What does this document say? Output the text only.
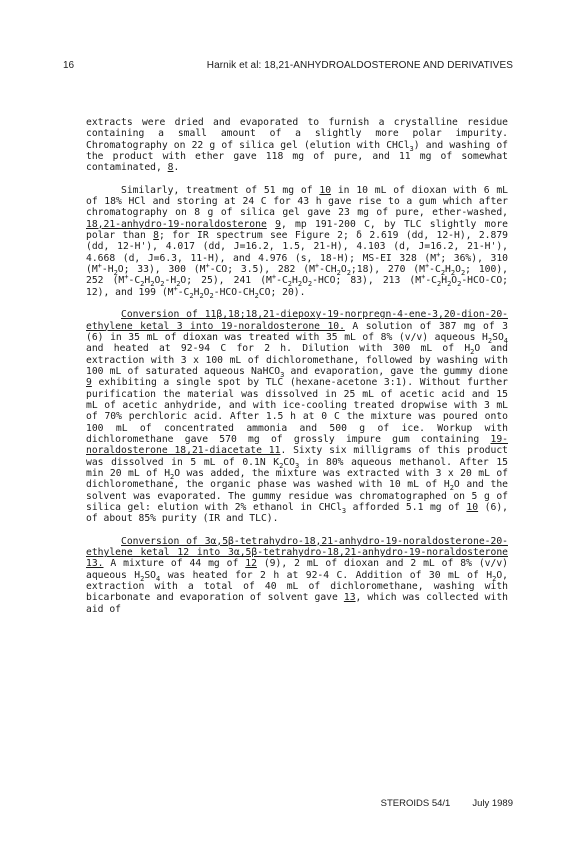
16	Harnik et al: 18,21-ANHYDROALDOSTERONE AND DERIVATIVES

extracts were dried and evaporated to furnish a crystalline residue containing a small amount of a slightly more polar impurity. Chromatography on 22 g of silica gel (elution with CHCl$_3$) and washing of the product with ether gave 118 mg of pure, and 11 mg of somewhat contaminated, 8.

Similarly, treatment of 51 mg of 10 in 10 mL of dioxan with 6 mL of 18% HCl and storing at 24 C for 43 h gave rise to a gum which after chromatography on 8 g of silica gel gave 23 mg of pure, ether-washed, 18,21-anhydro-19-noraldosterone 9, mp 191-200 C, by TLC slightly more polar than 8; for IR spectrum see Figure 2; δ 2.619 (dd, 12-H), 2.879 (dd, 12-H'), 4.017 (dd, J=16.2, 1.5, 21-H), 4.103 (d, J=16.2, 21-H'), 4.668 (d, J=6.3, 11-H), and 4.976 (s, 18-H); MS-EI 328 (M+; 36%), 310 ($M^+-H_2O$; 33), 300 (M+-CO; 3.5), 282 $(M^+-CH_2O_2;18)$, 270 ($M^+-C_2H_2O_2$; 100), 252 ($M^+-C_2H_2O_2-H_2O$; 25), 241 ($M^+-C_2H_2O_2$-HCO; 83), 213 ($M^+-C_2H_2O_2-HCO-CO$; 12), and 199 ($M^+-C_2H_2O_2-HCO-CH_2CO$; 20).

Conversion of 11β,18;18,21-diepoxy-19-norpregn-4-ene-3,20-dion-20-ethylene ketal 3 into 19-noraldosterone 10. A solution of 387 mg of 3 (6) in 35 mL of dioxan was treated with 35 mL of 8% (v/v) aqueous $H_2SO_4$ and heated at 92-94 C for 2 h. Dilution with 300 mL of $H_2O$ and extraction with 3 x 100 mL of dichloromethane, followed by washing with 100 mL of saturated aqueous NaHCO$_3$ and evaporation, gave the gummy dione 9 exhibiting a single spot by TLC (hexane-acetone 3:1). Without further purification the material was dissolved in 25 mL of acetic acid and 15 mL of acetic anhydride, and with ice-cooling treated dropwise with 3 mL of 70% perchloric acid. After 1.5 h at 0 C the mixture was poured onto 100 mL of concentrated ammonia and 500 g of ice. Workup with dichloromethane gave 570 mg of grossly impure gum containing 19-noraldosterone 18,21-diacetate 11. Sixty six milligrams of this product was dissolved in 5 mL of 0.1N $K_2CO_3$ in 80% aqueous methanol. After 15 min 20 mL of $H_2O$ was added, the mixture was extracted with 3 x 20 mL of dichloromethane, the organic phase was washed with 10 mL of $H_2O$ and the solvent was evaporated. The gummy residue was chromatographed on 5 g of silica gel: elution with 2% ethanol in CHCl$_3$ afforded 5.1 mg of 10 (6), of about 85% purity (IR and TLC).

Conversion of 3α,5β-tetrahydro-18,21-anhydro-19-noraldosterone-20-ethylene ketal 12 into 3α,5β-tetrahydro-18,21-anhydro-19-noraldosterone 13. A mixture of 44 mg of 12 (9), 2 mL of dioxan and 2 mL of 8% (v/v) aqueous $H_2SO_4$ was heated for 2 h at 92-4 C. Addition of 30 mL of $H_2O$, extraction with a total of 40 mL of dichloromethane, washing with bicarbonate and evaporation of solvent gave 13, which was collected with aid of

STEROIDS 54/1 July 1989
